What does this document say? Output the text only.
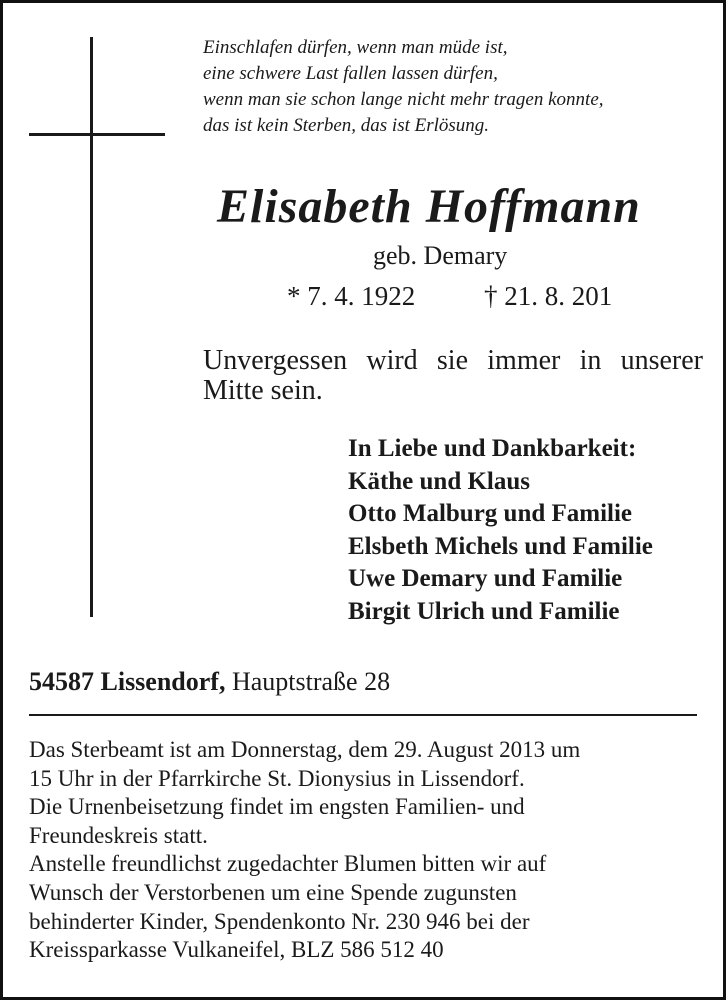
Einschlafen dürfen, wenn man müde ist,
eine schwere Last fallen lassen dürfen,
wenn man sie schon lange nicht mehr tragen konnte,
das ist kein Sterben, das ist Erlösung.
Elisabeth Hoffmann
geb. Demary
* 7. 4. 1922	† 21. 8. 201
Unvergessen wird sie immer in unserer Mitte sein.
In Liebe und Dankbarkeit:
Käthe und Klaus
Otto Malburg und Familie
Elsbeth Michels und Familie
Uwe Demary und Familie
Birgit Ulrich und Familie
54587 Lissendorf, Hauptstraße 28
Das Sterbeamt ist am Donnerstag, dem 29. August 2013 um
15 Uhr in der Pfarrkirche St. Dionysius in Lissendorf.
Die Urnenbeisetzung findet im engsten Familien- und
Freundeskreis statt.
Anstelle freundlichst zugedachter Blumen bitten wir auf
Wunsch der Verstorbenen um eine Spende zugunsten
behinderter Kinder, Spendenkonto Nr. 230 946 bei der
Kreissparkasse Vulkaneifel, BLZ 586 512 40
